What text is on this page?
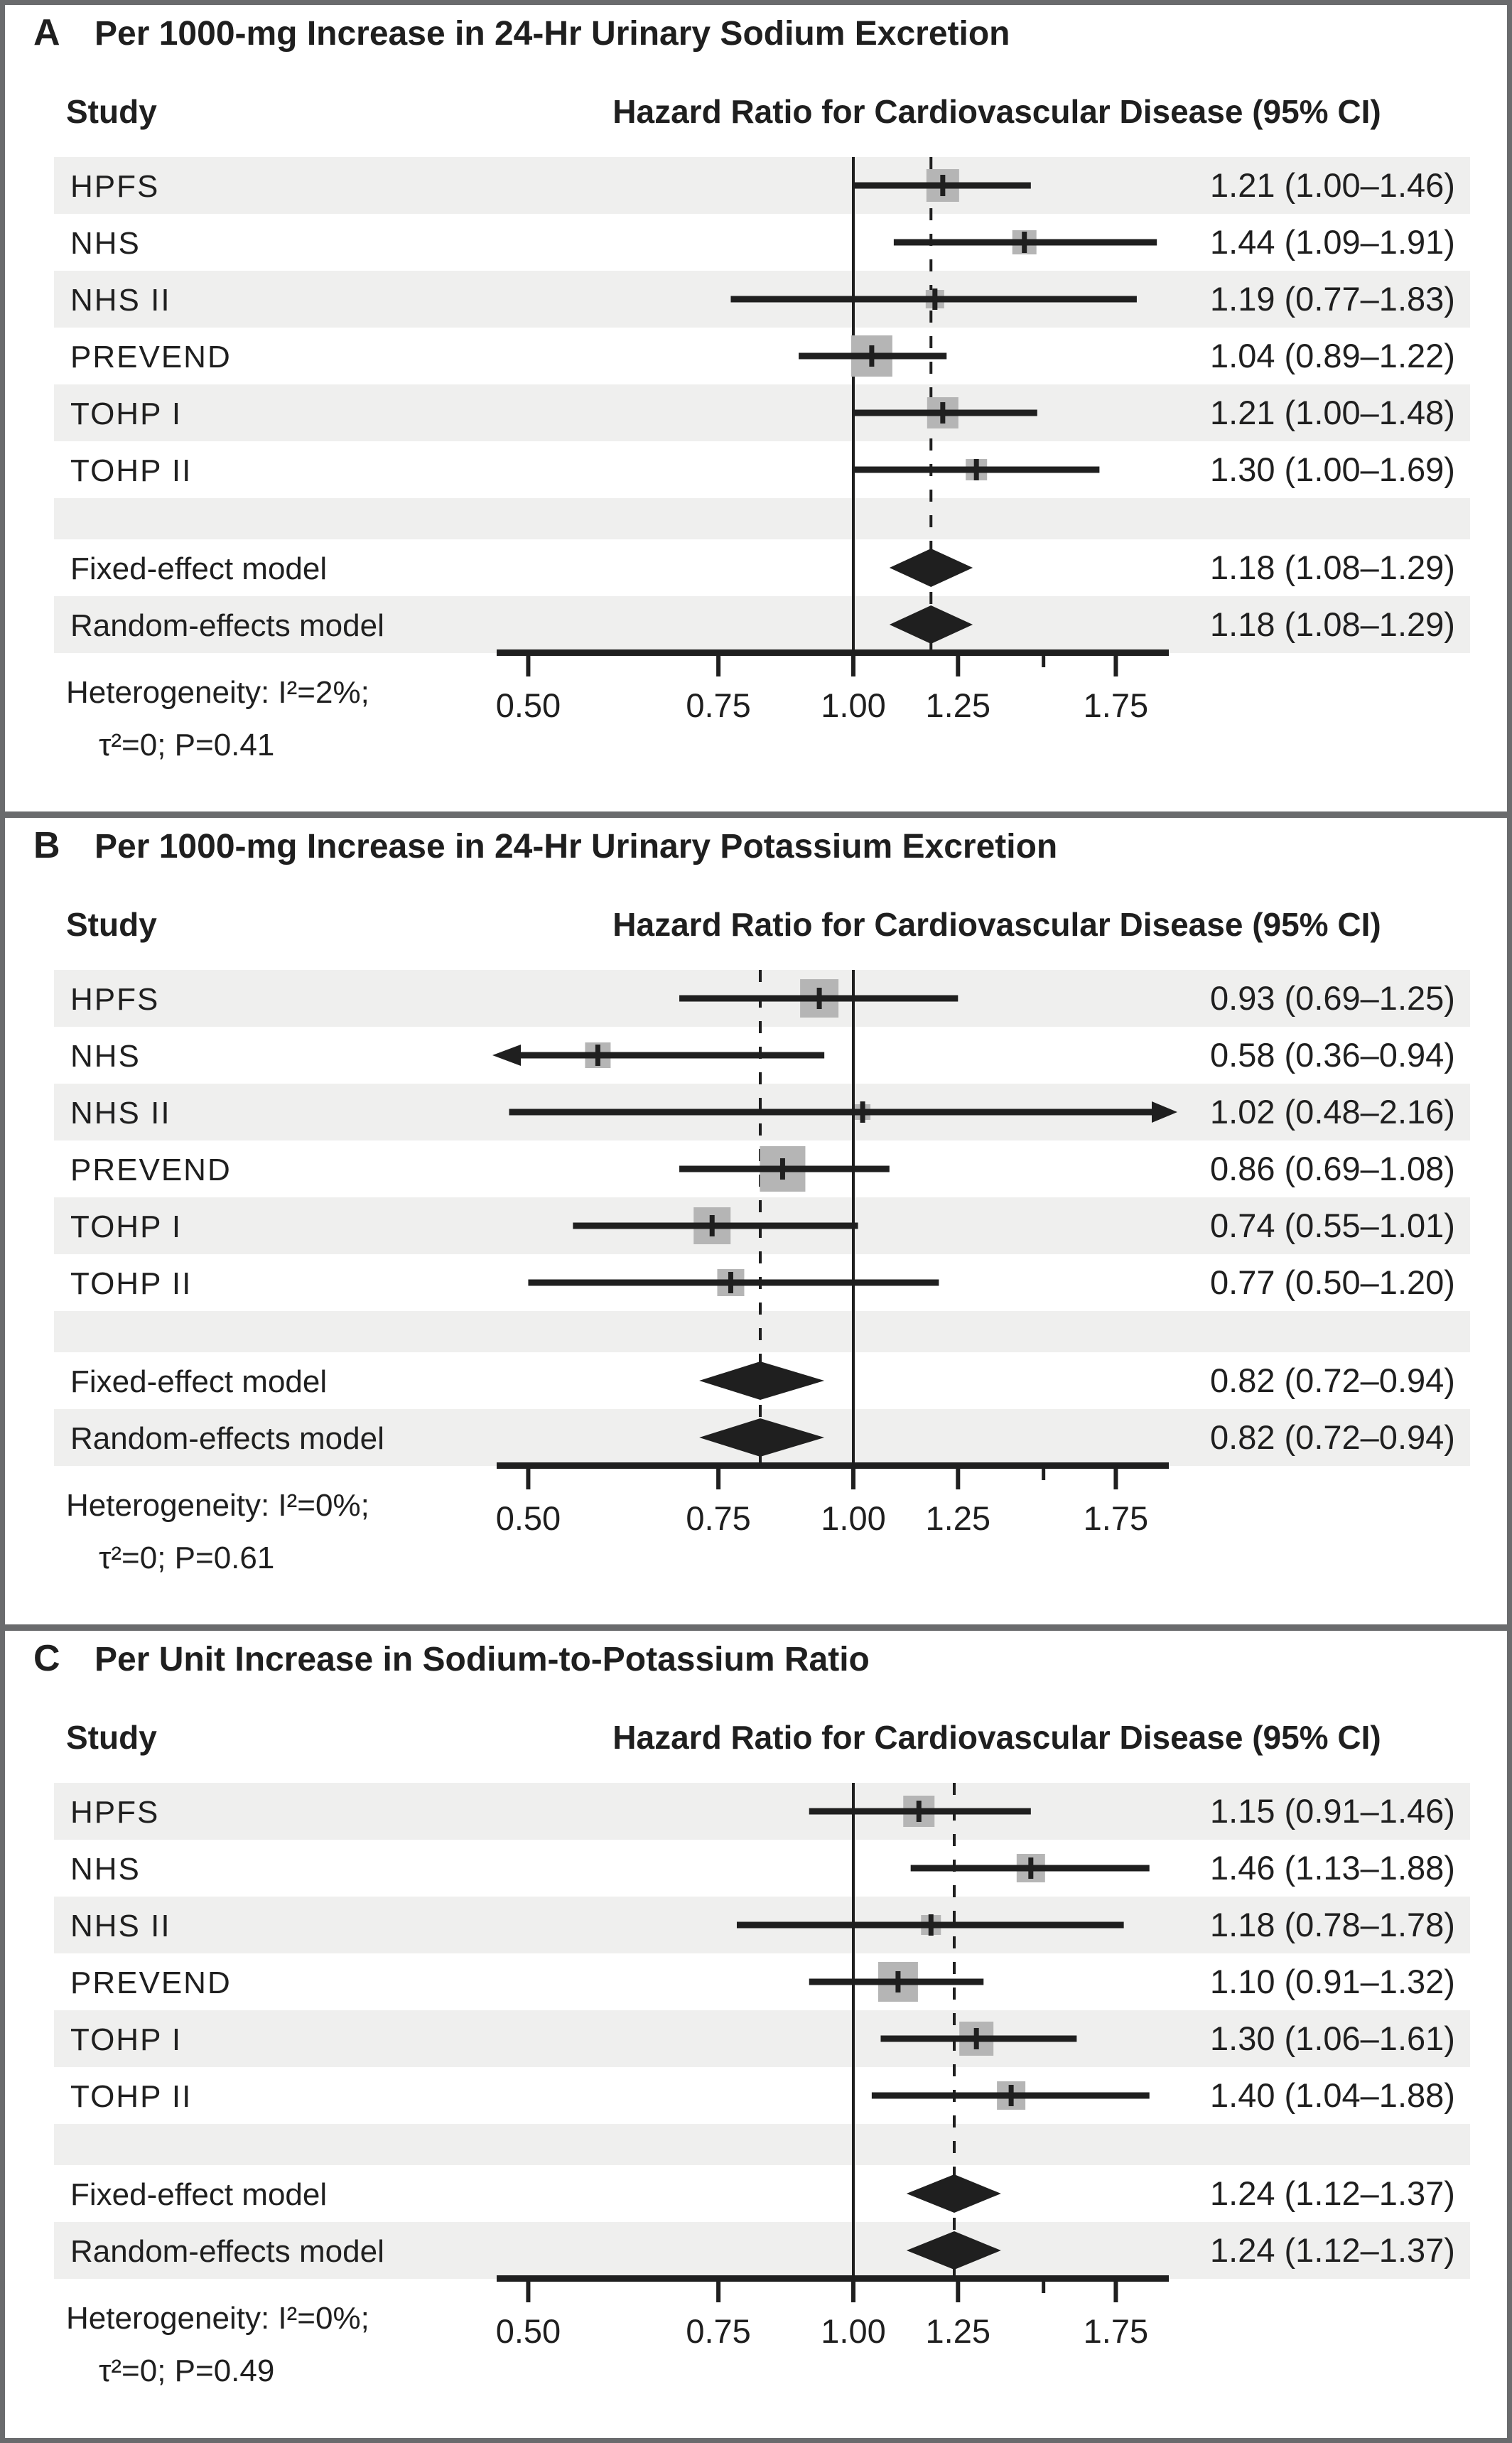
A Per 1000-mg Increase in 24-Hr Urinary Sodium Excretion
Study	Hazard Ratio for Cardiovascular Disease (95% CI)
HPFS	1.21 (1.00–1.46)
NHS	1.44 (1.09–1.91)
NHS II	1.19 (0.77–1.83)
PREVEND	1.04 (0.89–1.22)
TOHP I	1.21 (1.00–1.48)
TOHP II	1.30 (1.00–1.69)
Fixed-effect model	1.18 (1.08–1.29)
Random-effects model	1.18 (1.08–1.29)
0.50	0.75 1.00 1.25	1.75
Heterogeneity: I²=2%;
τ²=0; P=0.41
B Per 1000-mg Increase in 24-Hr Urinary Potassium Excretion
Study	Hazard Ratio for Cardiovascular Disease (95% CI)
HPFS	0.93 (0.69–1.25)
NHS	0.58 (0.36–0.94)
NHS II	1.02 (0.48–2.16)
PREVEND	0.86 (0.69–1.08)
TOHP I	0.74 (0.55–1.01)
TOHP II	0.77 (0.50–1.20)
Fixed-effect model	0.82 (0.72–0.94)
Random-effects model	0.82 (0.72–0.94)
0.50	0.75 1.00 1.25	1.75
Heterogeneity: I²=0%;
τ²=0; P=0.61
C Per Unit Increase in Sodium-to-Potassium Ratio
Study	Hazard Ratio for Cardiovascular Disease (95% CI)
HPFS	1.15 (0.91–1.46)
NHS	1.46 (1.13–1.88)
NHS II	1.18 (0.78–1.78)
PREVEND	1.10 (0.91–1.32)
TOHP I	1.30 (1.06–1.61)
TOHP II	1.40 (1.04–1.88)
Fixed-effect model	1.24 (1.12–1.37)
Random-effects model	1.24 (1.12–1.37)
0.50	0.75 1.00 1.25	1.75
Heterogeneity: I²=0%;
τ²=0; P=0.49
